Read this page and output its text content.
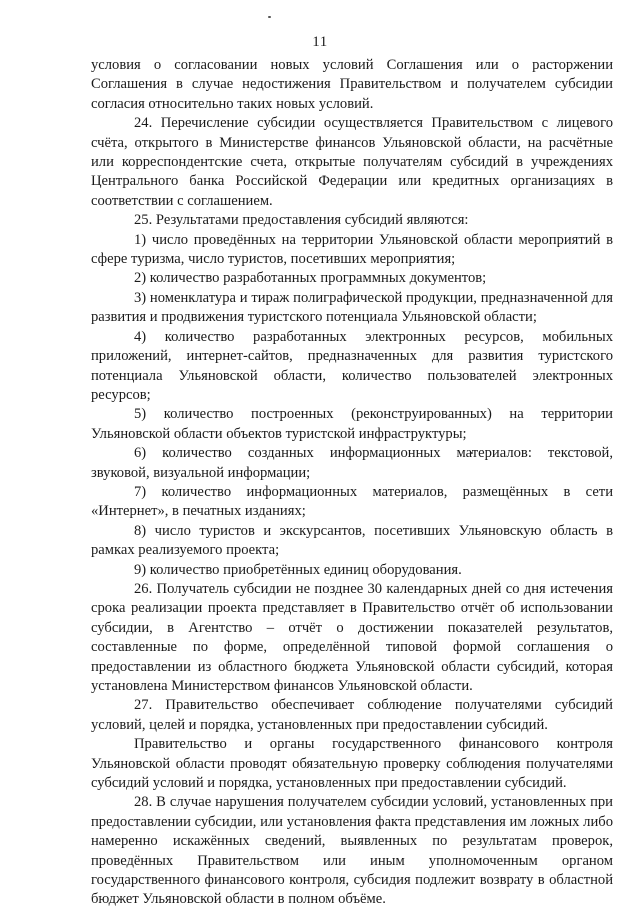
11

условия о согласовании новых условий Соглашения или о расторжении Соглашения в случае недостижения Правительством и получателем субсидии согласия относительно таких новых условий.

24. Перечисление субсидии осуществляется Правительством с лицевого счёта, открытого в Министерстве финансов Ульяновской области, на расчётные или корреспондентские счета, открытые получателям субсидий в учреждениях Центрального банка Российской Федерации или кредитных организациях в соответствии с соглашением.

25. Результатами предоставления субсидий являются:

1) число проведённых на территории Ульяновской области мероприятий в сфере туризма, число туристов, посетивших мероприятия;

2) количество разработанных программных документов;

3) номенклатура и тираж полиграфической продукции, предназначенной для развития и продвижения туристского потенциала Ульяновской области;

4) количество разработанных электронных ресурсов, мобильных приложений, интернет-сайтов, предназначенных для развития туристского потенциала Ульяновской области, количество пользователей электронных ресурсов;

5) количество построенных (реконструированных) на территории Ульяновской области объектов туристской инфраструктуры;

6) количество созданных информационных материалов: текстовой, звуковой, визуальной информации;

7) количество информационных материалов, размещённых в сети «Интернет», в печатных изданиях;

8) число туристов и экскурсантов, посетивших Ульяновскую область в рамках реализуемого проекта;

9) количество приобретённых единиц оборудования.

26. Получатель субсидии не позднее 30 календарных дней со дня истечения срока реализации проекта представляет в Правительство отчёт об использовании субсидии, в Агентство – отчёт о достижении показателей результатов, составленные по форме, определённой типовой формой соглашения о предоставлении из областного бюджета Ульяновской области субсидий, которая установлена Министерством финансов Ульяновской области.

27. Правительство обеспечивает соблюдение получателями субсидий условий, целей и порядка, установленных при предоставлении субсидий.

Правительство и органы государственного финансового контроля Ульяновской области проводят обязательную проверку соблюдения получателями субсидий условий и порядка, установленных при предоставлении субсидий.

28. В случае нарушения получателем субсидии условий, установленных при предоставлении субсидии, или установления факта представления им ложных либо намеренно искажённых сведений, выявленных по результатам проверок, проведённых Правительством или иным уполномоченным органом государственного финансового контроля, субсидия подлежит возврату в областной бюджет Ульяновской области в полном объёме.
